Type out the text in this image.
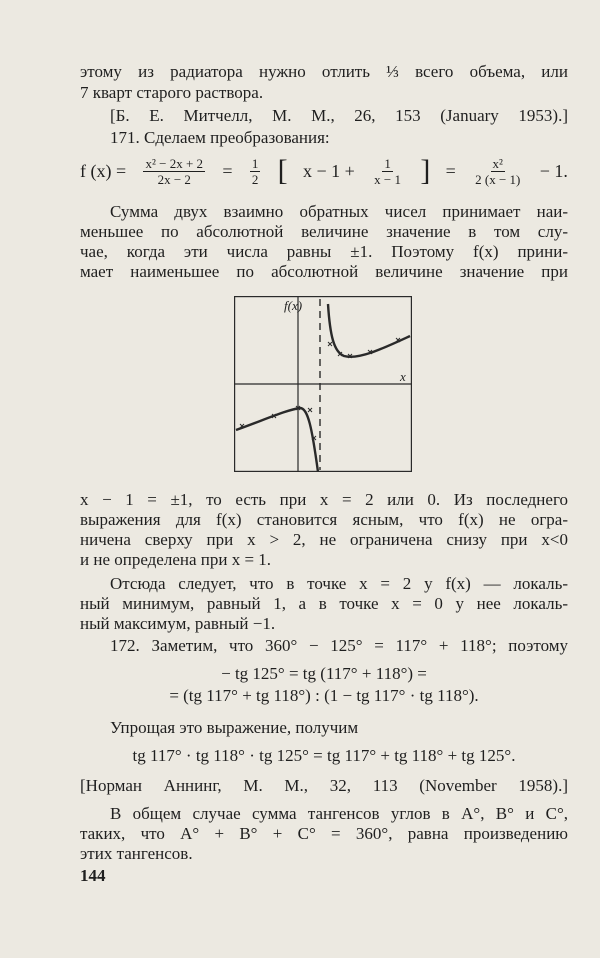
этому из радиатора нужно отлить ⅓ всего объема, или
7 кварт старого раствора.
[Б. Е. Митчелл, М. М., 26, 153 (January 1953).]
171. Сделаем преобразования:
f $(x) = \frac{\text{x² − 2x + 2}}{2x - 2} = \frac{1}{2}$ [ $x - 1 + \frac{1}{x - 1}$ ] = $\frac{\text{x²}}{2 (x - 1)} - 1$.
Сумма двух взаимно обратных чисел принимает наи-
меньшее по абсолютной величине значение в том слу-
чае, когда эти числа равны ±1. Поэтому f(x) прини-
мает наименьшее по абсолютной величине значение при
f(x)
x
x − 1 = ±1, то есть при x = 2 или 0. Из последнего
выражения для f(x) становится ясным, что f(x) не огра-
ничена сверху при x > 2, не ограничена снизу при x<0
и не определена при x = 1.
Отсюда следует, что в точке x = 2 у f(x) — локаль-
ный минимум, равный 1, а в точке x = 0 у нее локаль-
ный максимум, равный −1.
172. Заметим, что 360° − 125° = 117° + 118°; поэтому
− tg 125° = tg (117° + 118°) =
= (tg 117° + tg 118°) : (1 − tg 117° · tg 118°).
Упрощая это выражение, получим
tg 117° · tg 118° · tg 125° = tg 117° + tg 118° + tg 125°.
[Норман Аннинг, М. М., 32, 113 (November 1958).]
В общем случае сумма тангенсов углов в A°, B° и C°,
таких, что A° + B° + C° = 360°, равна произведению
этих тангенсов.
144
